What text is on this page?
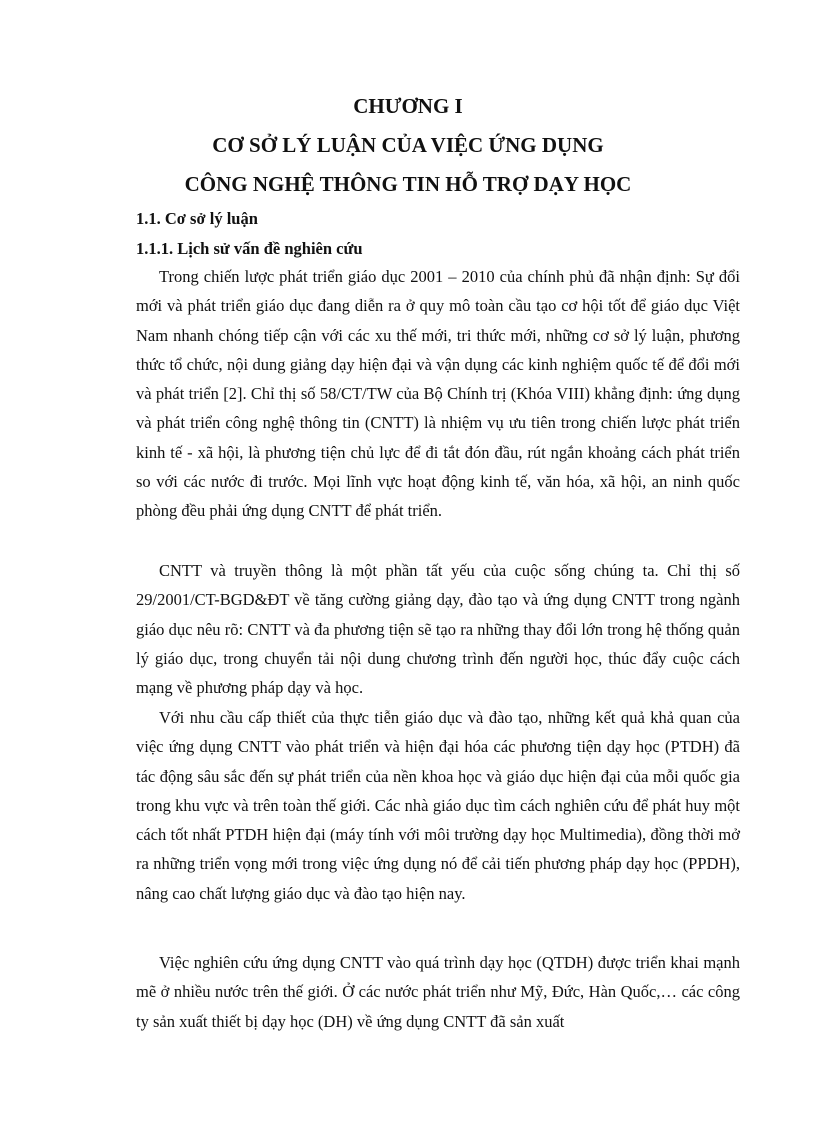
CHƯƠNG I
CƠ SỞ LÝ LUẬN CỦA VIỆC ỨNG DỤNG
CÔNG NGHỆ THÔNG TIN HỖ TRỢ DẠY HỌC
1.1. Cơ sở lý luận
1.1.1. Lịch sử vấn đề nghiên cứu

Trong chiến lược phát triển giáo dục 2001 – 2010 của chính phủ đã nhận định: Sự đổi mới và phát triển giáo dục đang diễn ra ở quy mô toàn cầu tạo cơ hội tốt để giáo dục Việt Nam nhanh chóng tiếp cận với các xu thế mới, tri thức mới, những cơ sở lý luận, phương thức tổ chức, nội dung giảng dạy hiện đại và vận dụng các kinh nghiệm quốc tế để đổi mới và phát triển [2]. Chỉ thị số 58/CT/TW của Bộ Chính trị (Khóa VIII) khẳng định: ứng dụng và phát triển công nghệ thông tin (CNTT) là nhiệm vụ ưu tiên trong chiến lược phát triển kinh tế - xã hội, là phương tiện chủ lực để đi tắt đón đầu, rút ngắn khoảng cách phát triển so với các nước đi trước. Mọi lĩnh vực hoạt động kinh tế, văn hóa, xã hội, an ninh quốc phòng đều phải ứng dụng CNTT để phát triển.

CNTT và truyền thông là một phần tất yếu của cuộc sống chúng ta. Chỉ thị số 29/2001/CT-BGD&ĐT về tăng cường giảng dạy, đào tạo và ứng dụng CNTT trong ngành giáo dục nêu rõ: CNTT và đa phương tiện sẽ tạo ra những thay đổi lớn trong hệ thống quản lý giáo dục, trong chuyển tải nội dung chương trình đến người học, thúc đẩy cuộc cách mạng về phương pháp dạy và học.

Với nhu cầu cấp thiết của thực tiễn giáo dục và đào tạo, những kết quả khả quan của việc ứng dụng CNTT vào phát triển và hiện đại hóa các phương tiện dạy học (PTDH) đã tác động sâu sắc đến sự phát triển của nền khoa học và giáo dục hiện đại của mỗi quốc gia trong khu vực và trên toàn thế giới. Các nhà giáo dục tìm cách nghiên cứu để phát huy một cách tốt nhất PTDH hiện đại (máy tính với môi trường dạy học Multimedia), đồng thời mở ra những triển vọng mới trong việc ứng dụng nó để cải tiến phương pháp dạy học (PPDH), nâng cao chất lượng giáo dục và đào tạo hiện nay.

Việc nghiên cứu ứng dụng CNTT vào quá trình dạy học (QTDH) được triển khai mạnh mẽ ở nhiều nước trên thế giới. Ở các nước phát triển như Mỹ, Đức, Hàn Quốc,… các công ty sản xuất thiết bị dạy học (DH) về ứng dụng CNTT đã sản xuất
